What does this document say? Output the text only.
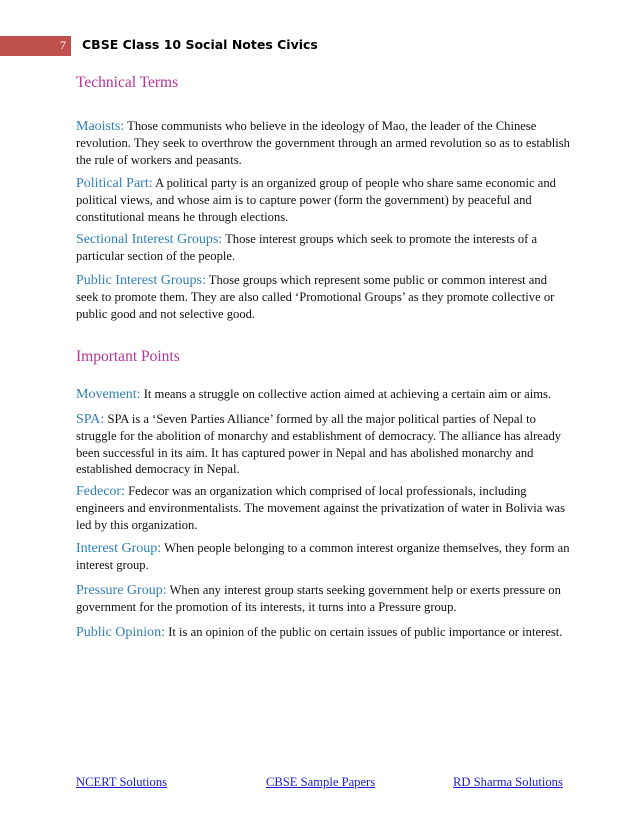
7 CBSE Class 10 Social Notes Civics
Technical Terms

Maoists: Those communists who believe in the ideology of Mao, the leader of the Chinese revolution. They seek to overthrow the government through an armed revolution so as to establish the rule of workers and peasants.

Political Part: A political party is an organized group of people who share same economic and political views, and whose aim is to capture power (form the government) by peaceful and constitutional means he through elections.

Sectional Interest Groups: Those interest groups which seek to promote the interests of a particular section of the people.

Public Interest Groups: Those groups which represent some public or common interest and seek to promote them. They are also called ‘Promotional Groups’ as they promote collective or public good and not selective good.

Important Points

Movement: It means a struggle on collective action aimed at achieving a certain aim or aims.

SPA: SPA is a ‘Seven Parties Alliance’ formed by all the major political parties of Nepal to struggle for the abolition of monarchy and establishment of democracy. The alliance has already been successful in its aim. It has captured power in Nepal and has abolished monarchy and established democracy in Nepal.

Fedecor: Fedecor was an organization which comprised of local professionals, including engineers and environmentalists. The movement against the privatization of water in Bolivia was led by this organization.

Interest Group: When people belonging to a common interest organize themselves, they form an interest group.

Pressure Group: When any interest group starts seeking government help or exerts pressure on government for the promotion of its interests, it turns into a Pressure group.

Public Opinion: It is an opinion of the public on certain issues of public importance or interest.

NCERT Solutions	CBSE Sample Papers	RD Sharma Solutions
